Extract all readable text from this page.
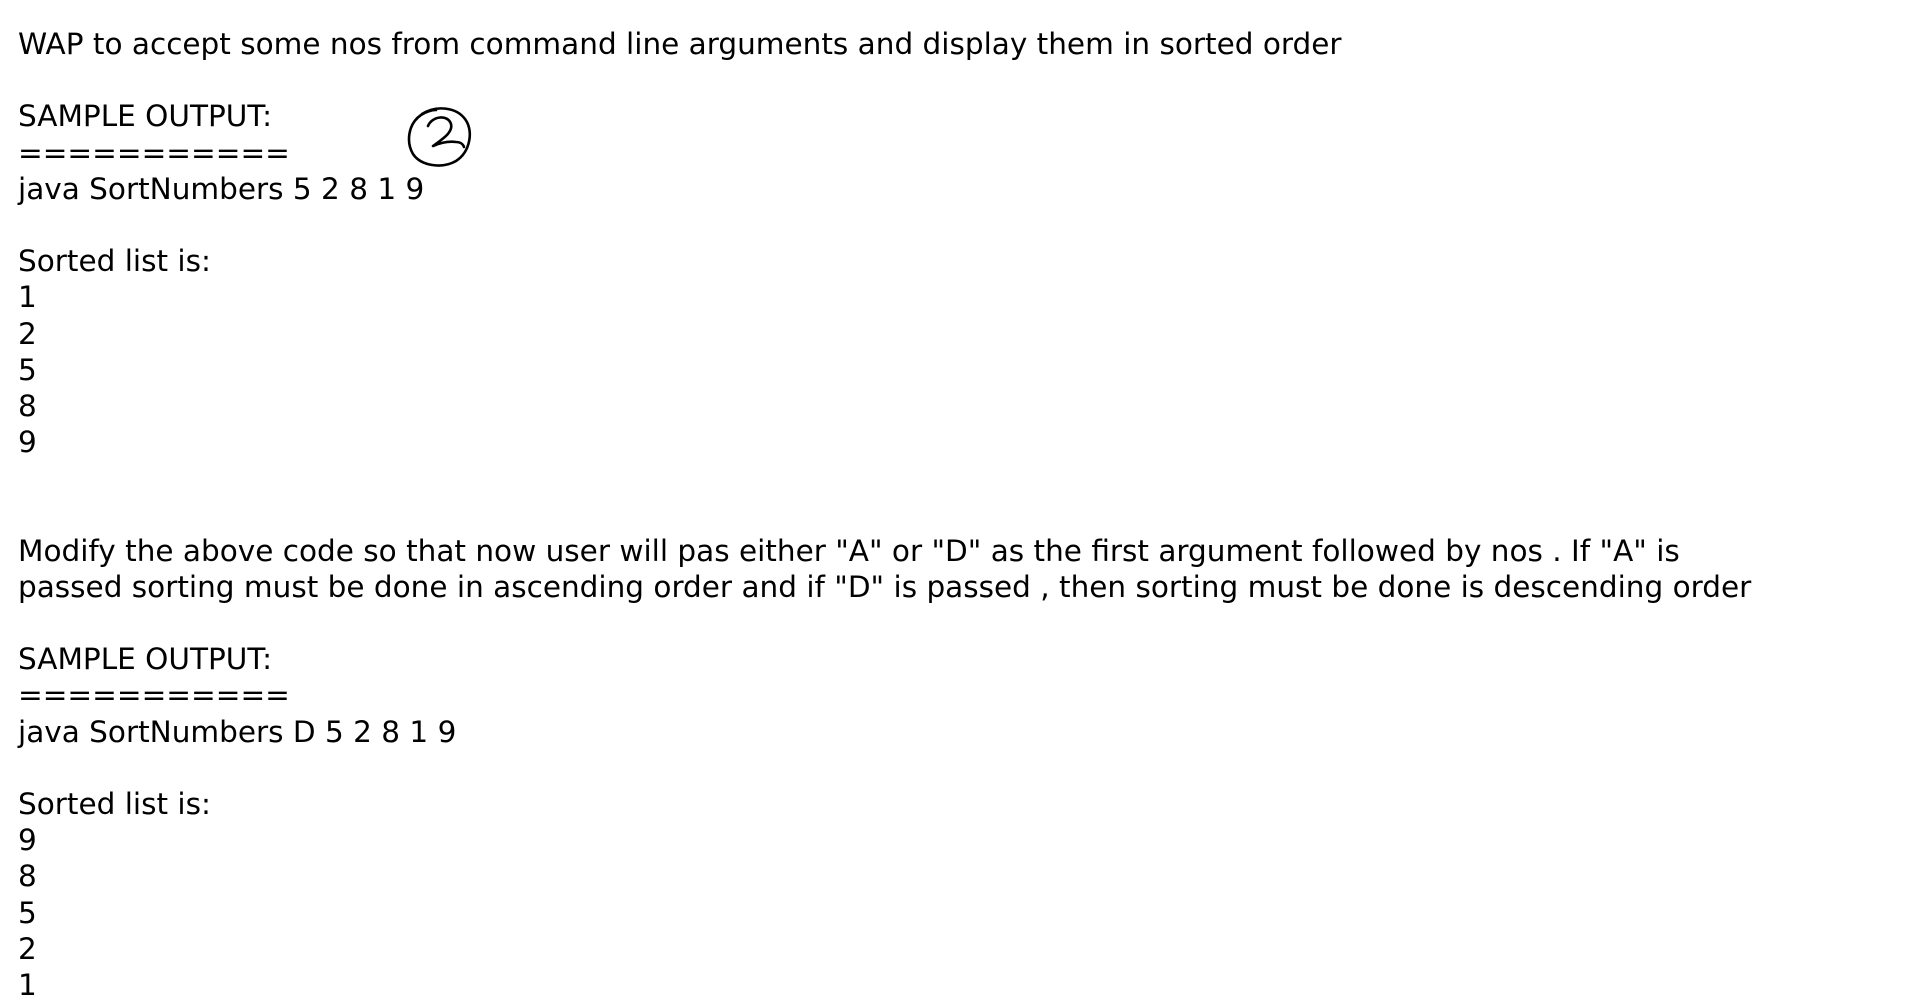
WAP to accept some nos from command line arguments and display them in sorted order
SAMPLE OUTPUT:
===========
java SortNumbers 5 2 8 1 9
Sorted list is:
1
2
5
8
9
Modify the above code so that now user will pas either "A" or "D" as the first argument followed by nos . If "A" is
passed sorting must be done in ascending order and if "D" is passed , then sorting must be done is descending order
SAMPLE OUTPUT:
===========
java SortNumbers D 5 2 8 1 9
Sorted list is:
9
8
5
2
1
